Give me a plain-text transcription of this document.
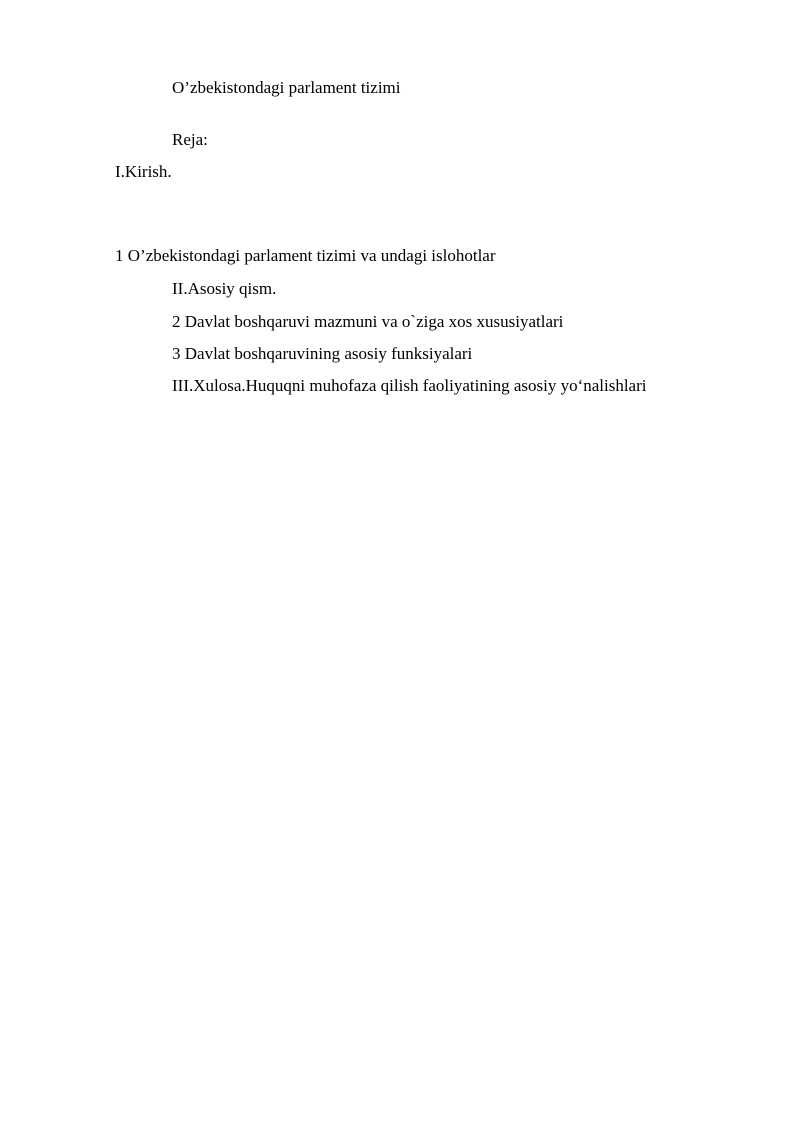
O’zbekistondagi parlament tizimi
Reja:
I.Kirish.
1 O’zbekistondagi parlament tizimi va undagi islohotlar
II.Asosiy qism.
2 Davlat boshqaruvi mazmuni va o`ziga xos xususiyatlari
3 Davlat boshqaruvining asosiy funksiyalari
III.Xulosa.Huquqni muhofaza qilish faoliyatining asosiy yo‘nalishlari
